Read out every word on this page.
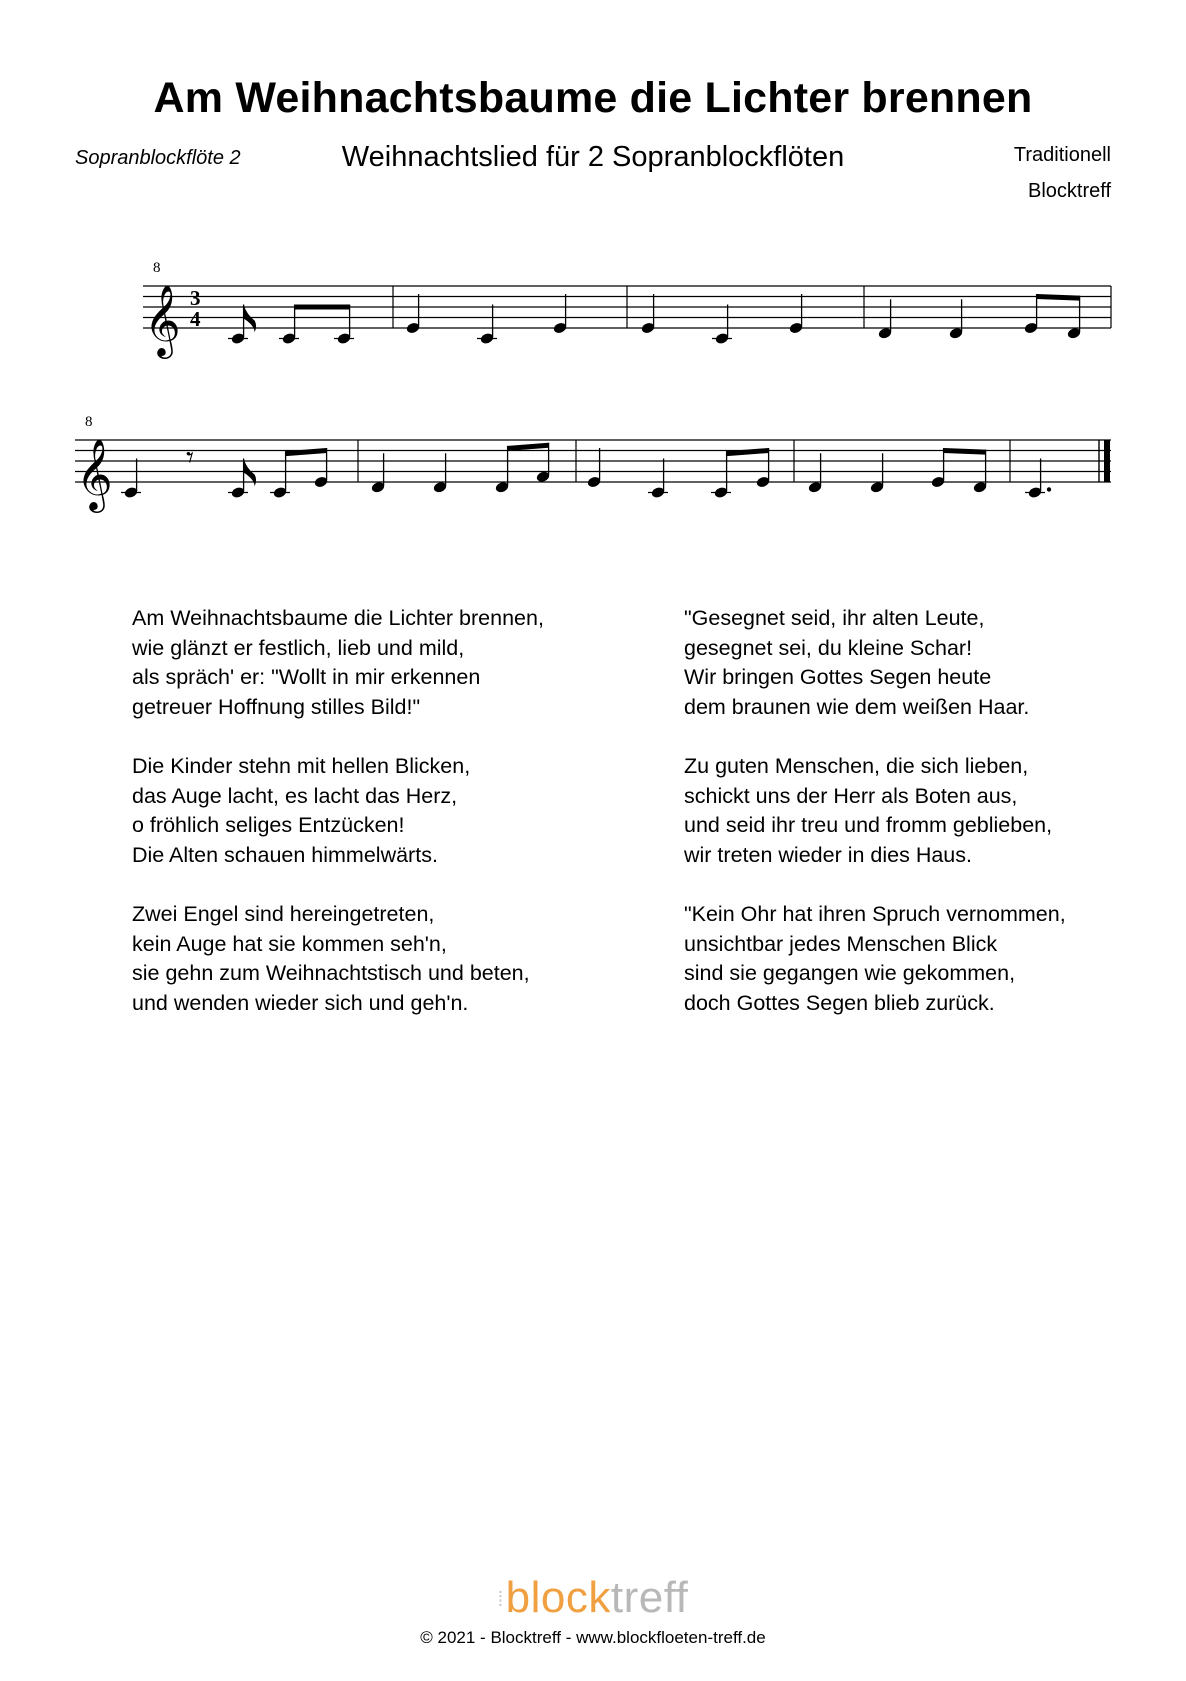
Am Weihnachtsbaume die Lichter brennen
Sopranblockflöte 2	Weihnachtslied für 2 Sopranblockflöten	Traditionell
Blocktreff
𝄞
8
3
4
𝄞
8
𝄾
Am Weihnachtsbaume die Lichter brennen,
wie glänzt er festlich, lieb und mild,
als spräch' er: "Wollt in mir erkennen
getreuer Hoffnung stilles Bild!"
Die Kinder stehn mit hellen Blicken,
das Auge lacht, es lacht das Herz,
o fröhlich seliges Entzücken!
Die Alten schauen himmelwärts.
Zwei Engel sind hereingetreten,
kein Auge hat sie kommen seh'n,
sie gehn zum Weihnachtstisch und beten,
und wenden wieder sich und geh'n.
"Gesegnet seid, ihr alten Leute,
gesegnet sei, du kleine Schar!
Wir bringen Gottes Segen heute
dem braunen wie dem weißen Haar.
Zu guten Menschen, die sich lieben,
schickt uns der Herr als Boten aus,
und seid ihr treu und fromm geblieben,
wir treten wieder in dies Haus.
"Kein Ohr hat ihren Spruch vernommen,
unsichtbar jedes Menschen Blick
sind sie gegangen wie gekommen,
doch Gottes Segen blieb zurück.
⁞blocktreff
© 2021 - Blocktreff - www.blockfloeten-treff.de
